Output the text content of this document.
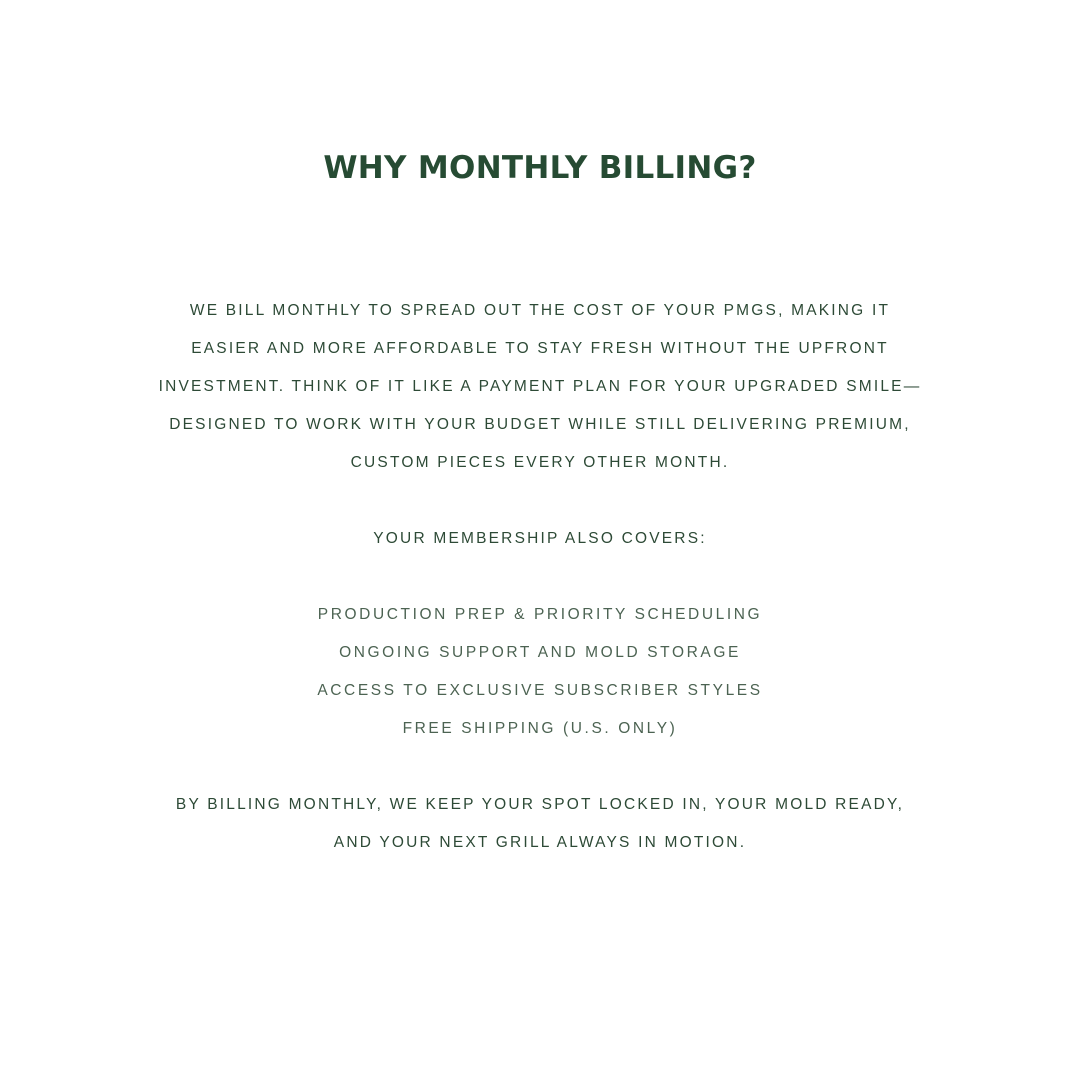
WHY MONTHLY BILLING?

WE BILL MONTHLY TO SPREAD OUT THE COST OF YOUR PMGS, MAKING IT
EASIER AND MORE AFFORDABLE TO STAY FRESH WITHOUT THE UPFRONT
INVESTMENT. THINK OF IT LIKE A PAYMENT PLAN FOR YOUR UPGRADED SMILE—
DESIGNED TO WORK WITH YOUR BUDGET WHILE STILL DELIVERING PREMIUM,
CUSTOM PIECES EVERY OTHER MONTH.

YOUR MEMBERSHIP ALSO COVERS:

PRODUCTION PREP & PRIORITY SCHEDULING
ONGOING SUPPORT AND MOLD STORAGE
ACCESS TO EXCLUSIVE SUBSCRIBER STYLES
FREE SHIPPING (U.S. ONLY)

BY BILLING MONTHLY, WE KEEP YOUR SPOT LOCKED IN, YOUR MOLD READY,
AND YOUR NEXT GRILL ALWAYS IN MOTION.
